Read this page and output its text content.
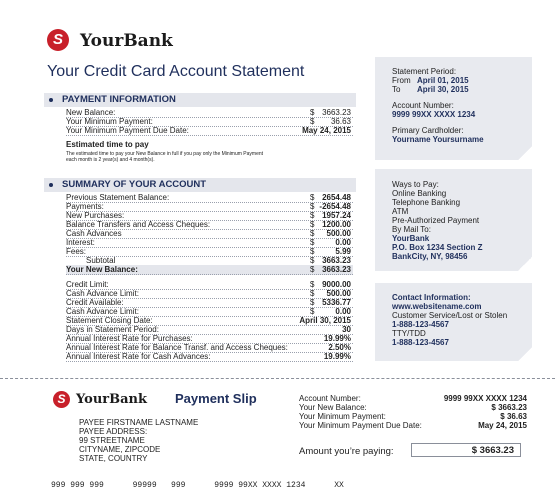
S	YourBank
Your Credit Card Account Statement
PAYMENT INFORMATION
New Balance:	$ 3663.23
Your Minimum Payment:	$ 36.63
Your Minimum Payment Due Date:	May 24, 2015
Estimated time to pay
The estimated time to pay your New Balance in full if you pay only the Minimum Payment
each month is 2 year(s) and 4 month(s).
SUMMARY OF YOUR ACCOUNT
Previous Statement Balance:	$ 2654.48
Payments:	$ -2654.48
New Purchases:	$ 1957.24
Balance Transfers and Access Cheques:	$ 1200.00
Cash Advances	$ 500.00
Interest:	$	0.00
Fees:	$	5.99
Subtotal	$ 3663.23
Your New Balance:	$ 3663.23
Credit Limit:	$ 9000.00
Cash Advance Limit:	$ 500.00
Credit Available:	$ 5336.77
Cash Advance Limit:	$	0.00
Statement Closing Date:	April 30, 2015
Days in Statement Period:	30
Annual Interest Rate for Purchases:	19.99%
Annual Interest Rate for Balance Transf. and Access Cheques:	2.50%
Annual Interest Rate for Cash Advances:	19.99%
Statement Period:
From April 01, 2015
To April 30, 2015
Account Number:
9999 99XX XXXX 1234
Primary Cardholder:
Yourname Yoursurname
Ways to Pay:
Online Banking
Telephone Banking
ATM
Pre-Authorized Payment
By Mail To:
YourBank
P.O. Box 1234 Section Z
BankCity, NY, 98456
Contact Information:
www.websitename.com
Customer Service/Lost or Stolen
1-888-123-4567
TTY/TDD
1-888-123-4567
S YourBank Payment Slip
PAYEE FIRSTNAME LASTNAME
PAYEE ADDRESS:
99 STREETNAME
CITYNAME, ZIPCODE
STATE, COUNTRY
Account Number:	9999 99XX XXXX 1234
Your New Balance:	$ 3663.23
Your Minimum Payment:	$ 36.63
Your Minimum Payment Due Date:	May 24, 2015
Amount you’re paying:	$ 3663.23
999 999 999      99999   999      9999 99XX XXXX 1234      XX
